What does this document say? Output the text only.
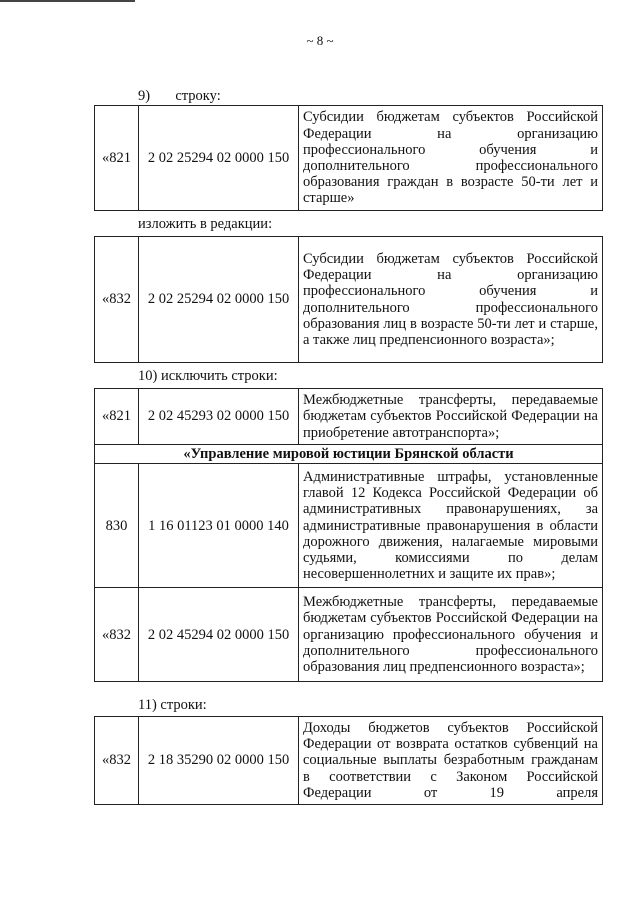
~ 8 ~
9) строку:
«821	2 02 25294 02 0000 150	Субсидии бюджетам субъектов Российской Федерации на организацию профессионального обучения и дополнительного профессионального образования граждан в возрасте 50-ти лет и старше»
изложить в редакции:
«832	2 02 25294 02 0000 150	Субсидии бюджетам субъектов Российской Федерации на организацию профессионального обучения и дополнительного профессионального образования лиц в возрасте 50-ти лет и старше, а также лиц предпенсионного возраста»;
10) исключить строки:
«821	2 02 45293 02 0000 150	Межбюджетные трансферты, передаваемые бюджетам субъектов Российской Федерации на приобретение автотранспорта»;
«Управление мировой юстиции Брянской области		
830	1 16 01123 01 0000 140	Административные штрафы, установленные главой 12 Кодекса Российской Федерации об административных правонарушениях, за административные правонарушения в области дорожного движения, налагаемые мировыми судьями, комиссиями по делам несовершеннолетних и защите их прав»;
«832	2 02 45294 02 0000 150	Межбюджетные трансферты, передаваемые бюджетам субъектов Российской Федерации на организацию профессионального обучения и дополнительного профессионального образования лиц предпенсионного возраста»;
11) строки:
«832	2 18 35290 02 0000 150	Доходы бюджетов субъектов Российской Федерации от возврата остатков субвенций на социальные выплаты безработным гражданам в соответствии с Законом Российской Федерации от 19 апреля
